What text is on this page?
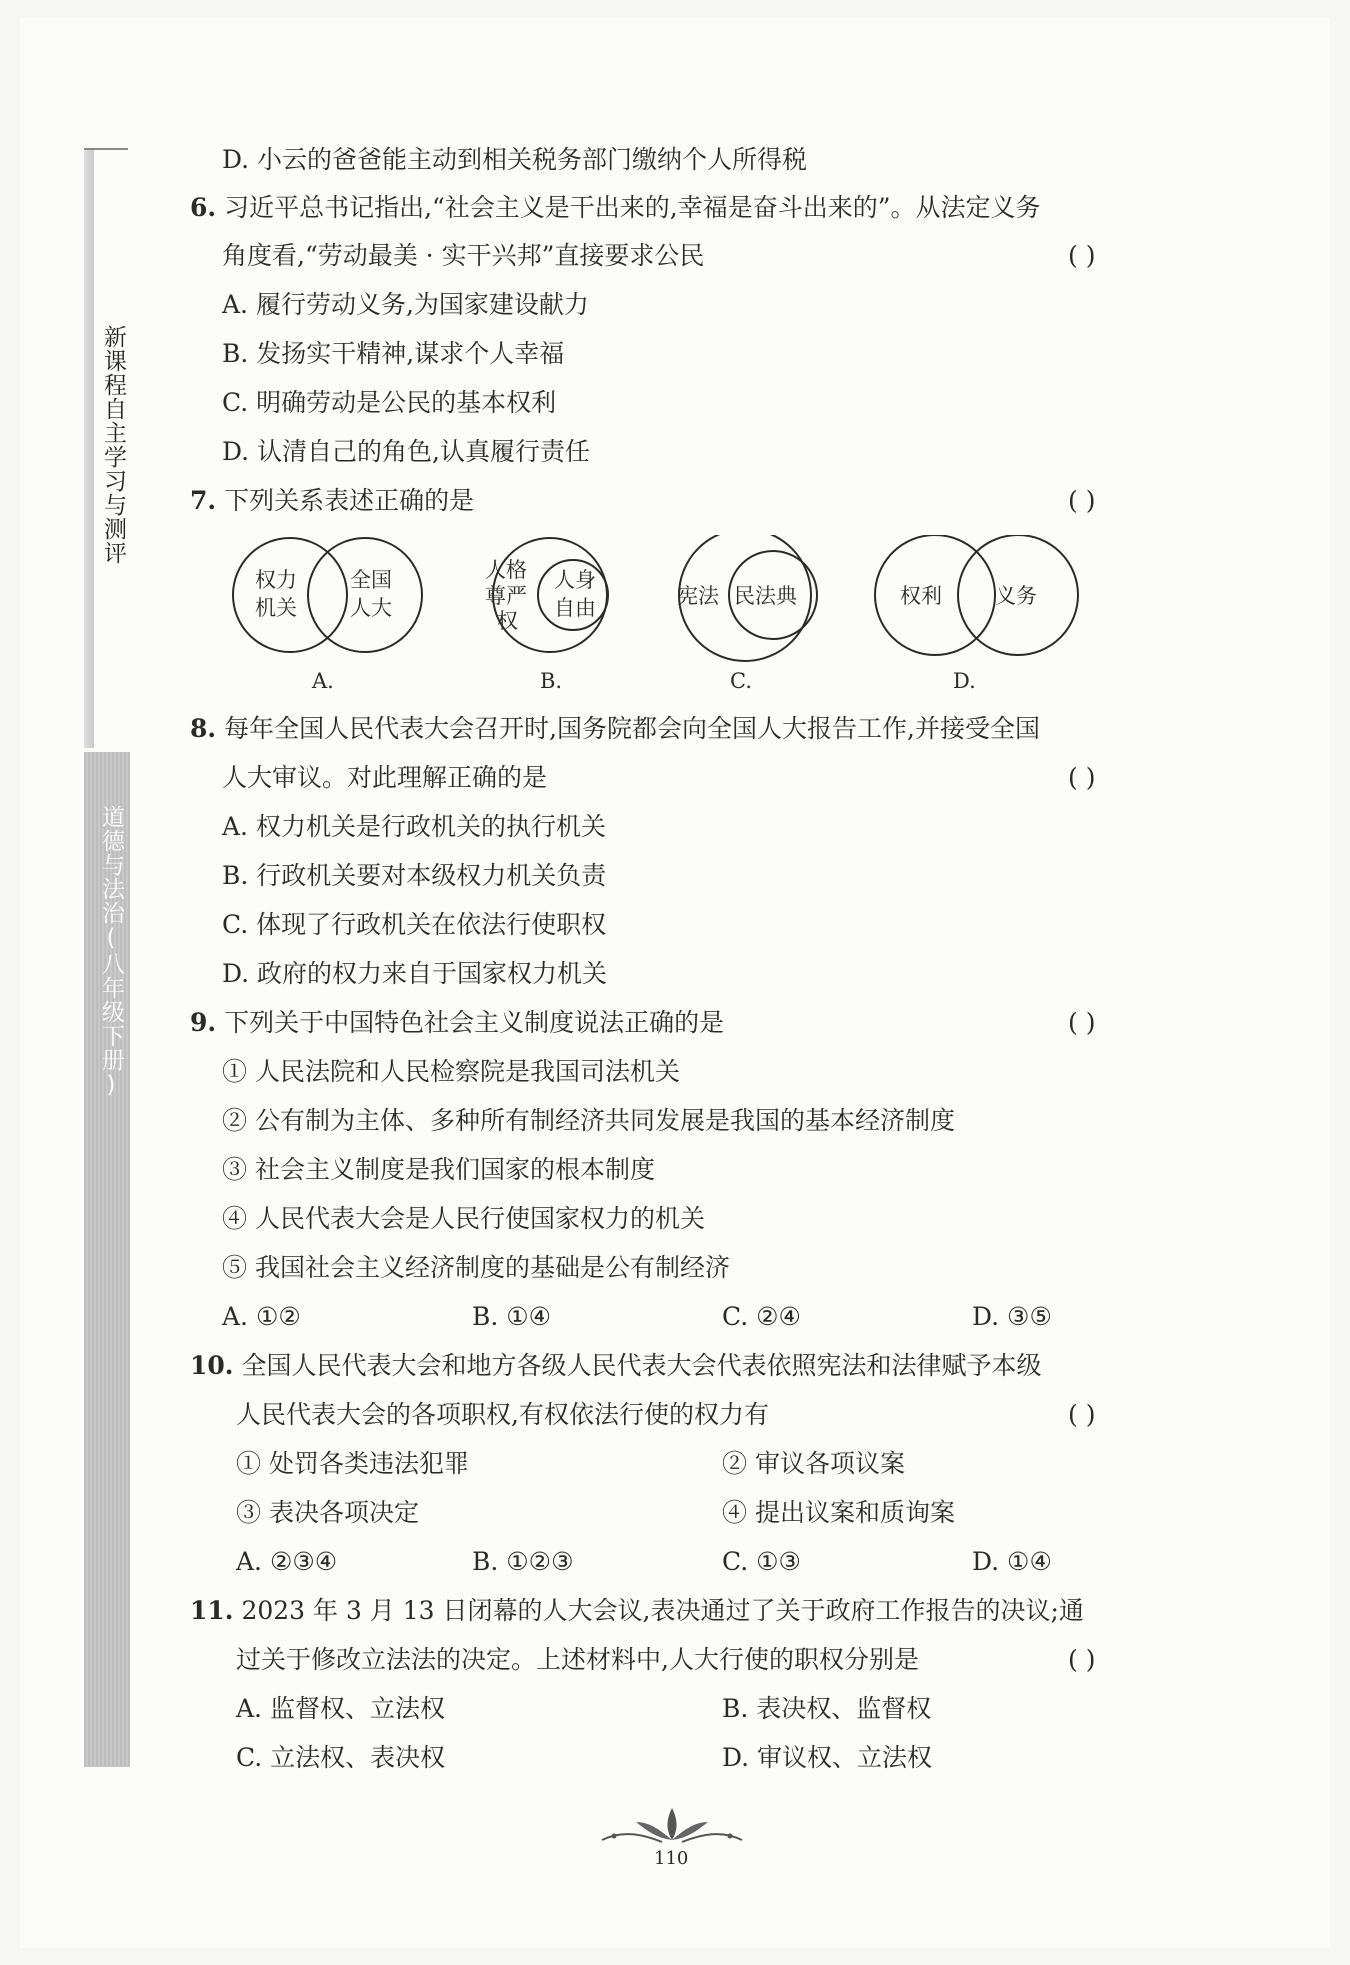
新课程自主学习与测评
道德与法治(八年级下册)
D. 小云的爸爸能主动到相关税务部门缴纳个人所得税
6. 习近平总书记指出,“社会主义是干出来的,幸福是奋斗出来的”。从法定义务
角度看,“劳动最美 · 实干兴邦”直接要求公民	( )
A. 履行劳动义务,为国家建设献力
B. 发扬实干精神,谋求个人幸福
C. 明确劳动是公民的基本权利
D. 认清自己的角色,认真履行责任
7. 下列关系表述正确的是	( )
权力
机关
全国
人大
A.
人格
尊严
权
人身
自由
B.
宪法 民法典
C.
权利	义务
D.
8. 每年全国人民代表大会召开时,国务院都会向全国人大报告工作,并接受全国
人大审议。对此理解正确的是	( )
A. 权力机关是行政机关的执行机关
B. 行政机关要对本级权力机关负责
C. 体现了行政机关在依法行使职权
D. 政府的权力来自于国家权力机关
9. 下列关于中国特色社会主义制度说法正确的是	( )
① 人民法院和人民检察院是我国司法机关
② 公有制为主体、多种所有制经济共同发展是我国的基本经济制度
③ 社会主义制度是我们国家的根本制度
④ 人民代表大会是人民行使国家权力的机关
⑤ 我国社会主义经济制度的基础是公有制经济
A. ①②	B. ①④	C. ②④	D. ③⑤
10. 全国人民代表大会和地方各级人民代表大会代表依照宪法和法律赋予本级
人民代表大会的各项职权,有权依法行使的权力有	( )
① 处罚各类违法犯罪	② 审议各项议案
③ 表决各项决定	④ 提出议案和质询案
A. ②③④	B. ①②③	C. ①③	D. ①④
11. 2023 年 3 月 13 日闭幕的人大会议,表决通过了关于政府工作报告的决议;通
过关于修改立法法的决定。上述材料中,人大行使的职权分别是	( )
A. 监督权、立法权	B. 表决权、监督权
C. 立法权、表决权	D. 审议权、立法权
110
